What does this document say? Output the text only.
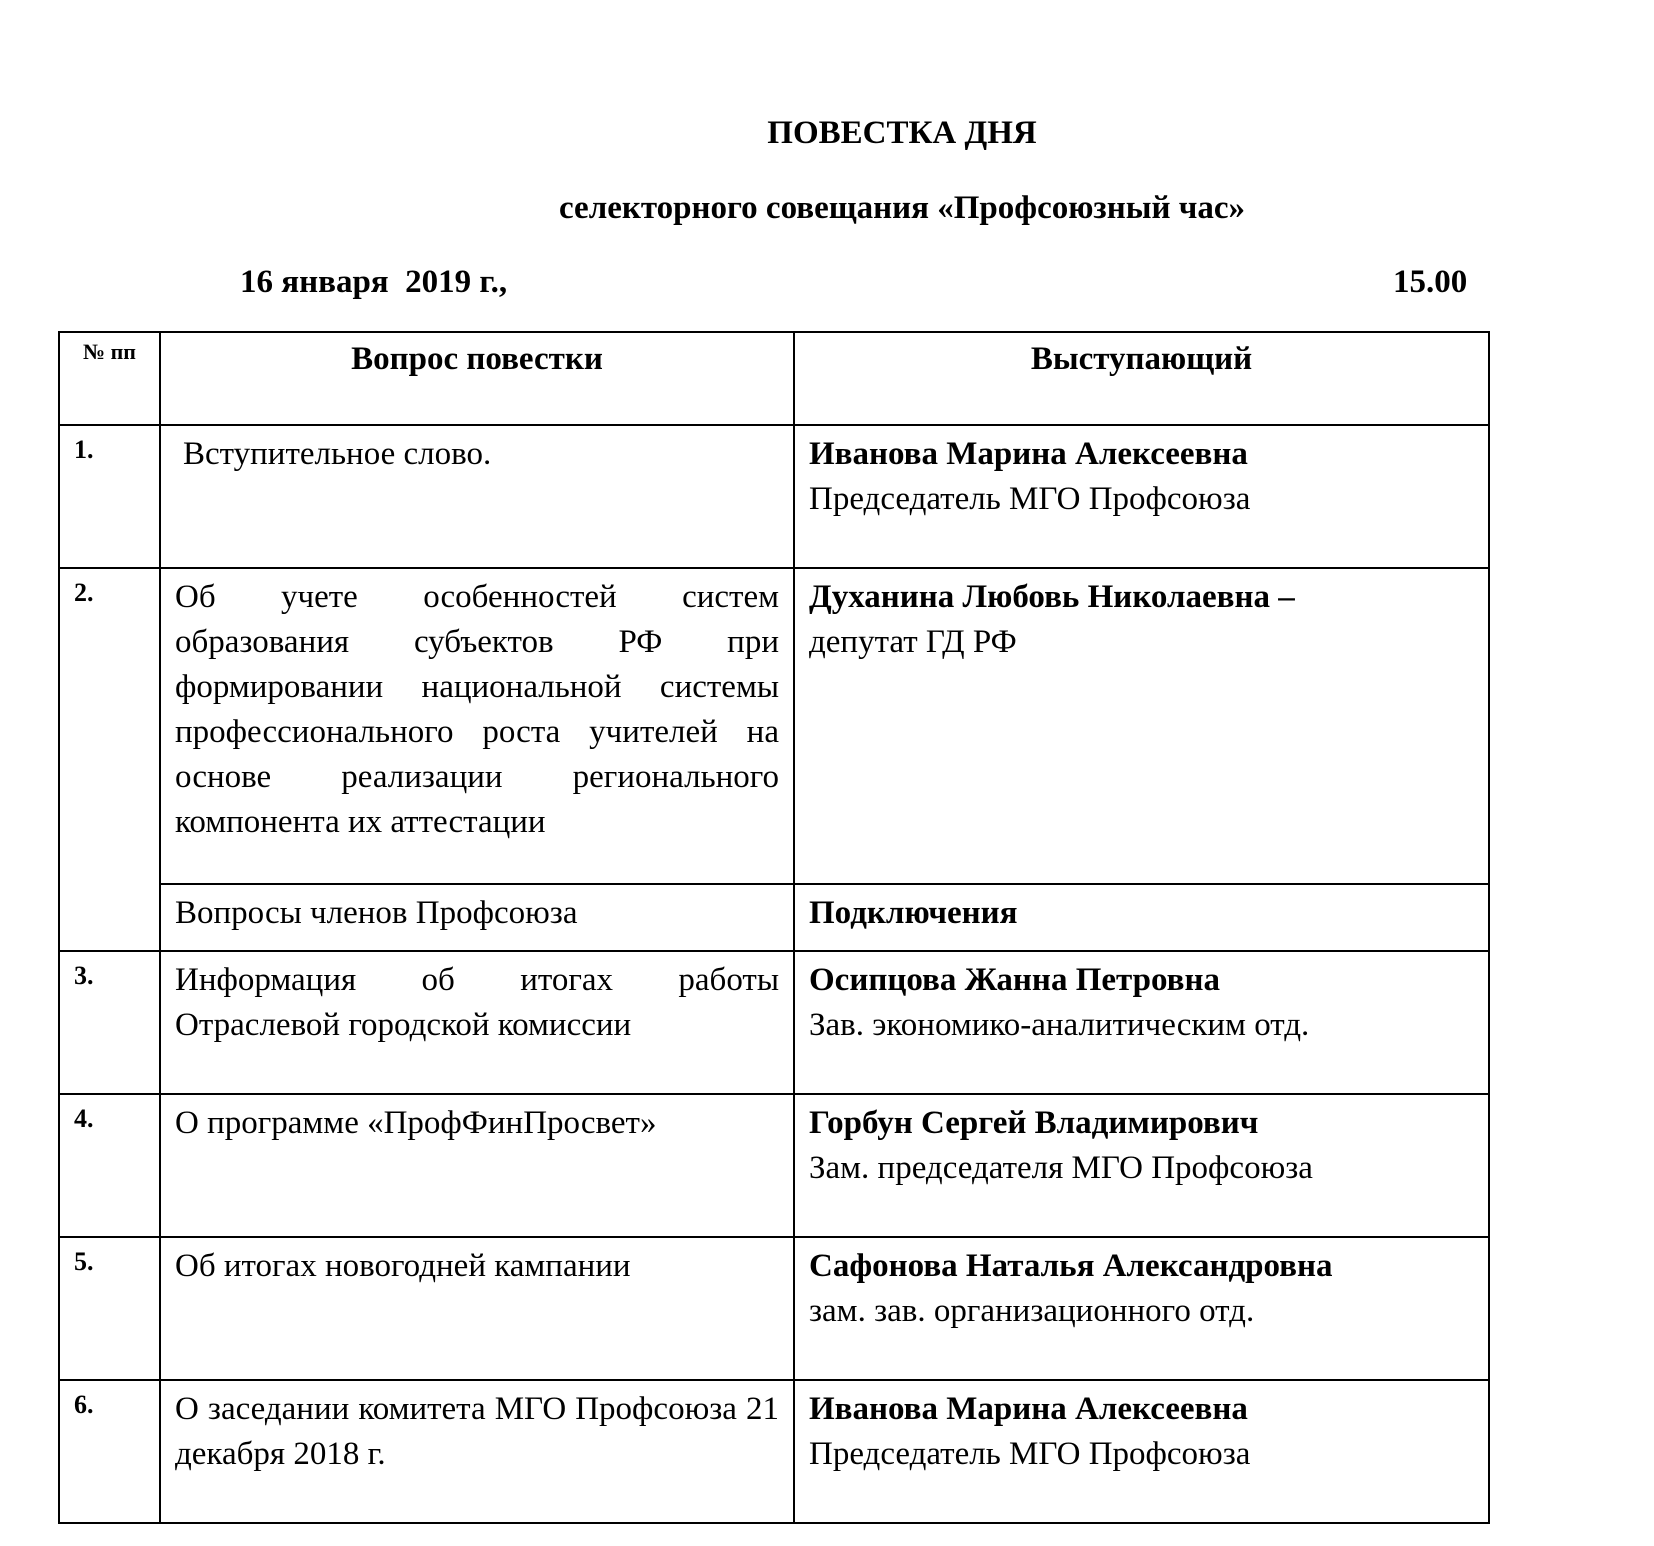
ПОВЕСТКА ДНЯ
селекторного совещания «Профсоюзный час»
16 января  2019 г.,	15.00
№ пп	Вопрос повестки	Выступающий
1.	Вступительное слово.	Иванова Марина Алексеевна
Председатель МГО Профсоюза

2.	Об учете особенностей систем образования субъектов РФ при формировании национальной системы профессионального роста учителей на основе реализации регионального компонента их аттестации	Духанина Любовь Николаевна –
депутат ГД РФ

	Вопросы членов Профсоюза	Подключения

3.	Информация об итогах работы Отраслевой городской комиссии	Осипцова Жанна Петровна
Зав. экономико-аналитическим отд.

4.	О программе «ПрофФинПросвет»	Горбун Сергей Владимирович
Зам. председателя МГО Профсоюза

5.	Об итогах новогодней кампании	Сафонова Наталья Александровна
зам. зав. организационного отд.

6.	О заседании комитета МГО Профсоюза 21 декабря 2018 г.	Иванова Марина Алексеевна
Председатель МГО Профсоюза
